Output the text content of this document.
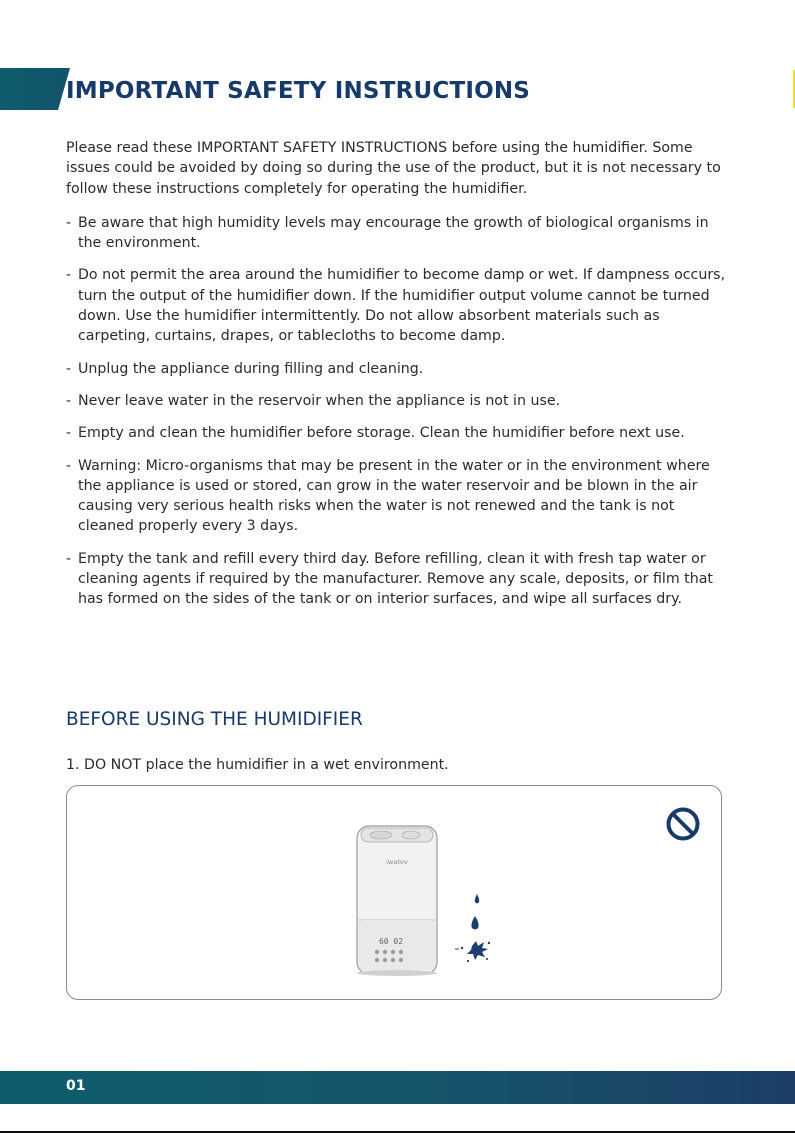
IMPORTANT SAFETY INSTRUCTIONS

Please read these IMPORTANT SAFETY INSTRUCTIONS before using the humidifier. Some issues could be avoided by doing so during the use of the product, but it is not necessary to follow these instructions completely for operating the humidifier.

- Be aware that high humidity levels may encourage the growth of biological organisms in the environment.
- Do not permit the area around the humidifier to become damp or wet. If dampness occurs, turn the output of the humidifier down. If the humidifier output volume cannot be turned down. Use the humidifier intermittently. Do not allow absorbent materials such as carpeting, curtains, drapes, or tablecloths to become damp.
- Unplug the appliance during filling and cleaning.
- Never leave water in the reservoir when the appliance is not in use.
- Empty and clean the humidifier before storage. Clean the humidifier before next use.
- Warning: Micro-organisms that may be present in the water or in the environment where the appliance is used or stored, can grow in the water reservoir and be blown in the air causing very serious health risks when the water is not renewed and the tank is not cleaned properly every 3 days.
- Empty the tank and refill every third day. Before refilling, clean it with fresh tap water or cleaning agents if required by the manufacturer. Remove any scale, deposits, or film that has formed on the sides of the tank or on interior surfaces, and wipe all surfaces dry.
BEFORE USING THE HUMIDIFIER

1. DO NOT place the humidifier in a wet environment.

iwatov
60 02
01
